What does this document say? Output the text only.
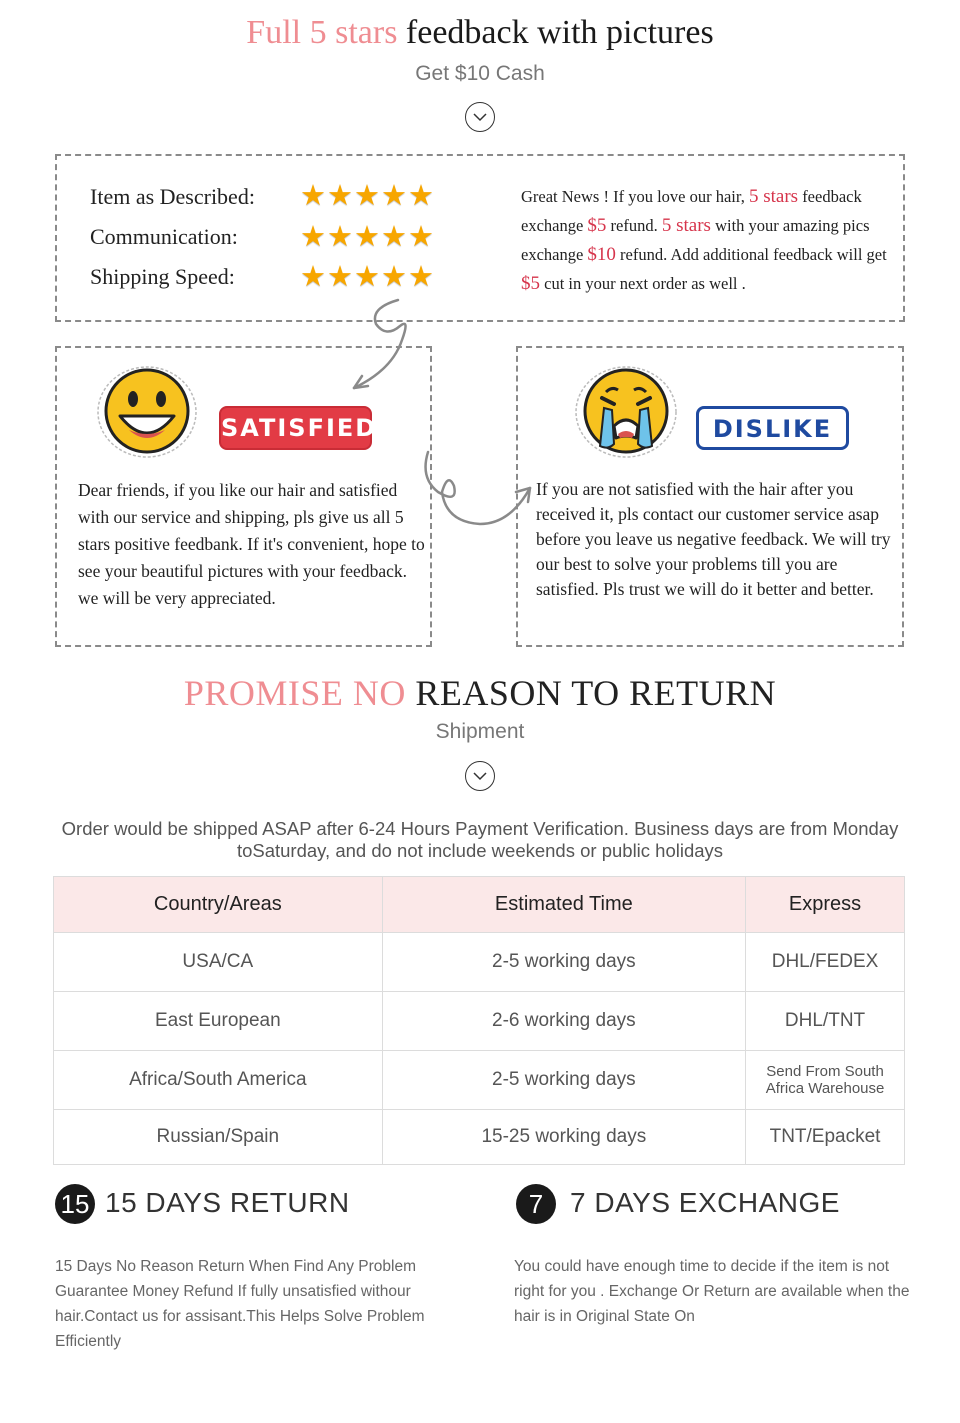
Full 5 stars feedback with pictures
Get $10 Cash
Item as Described: ★★★★★
Communication: ★★★★★
Shipping Speed: ★★★★★
Great News ! If you love our hair, 5 stars feedback exchange $5 refund. 5 stars with your amazing pics exchange $10 refund. Add additional feedback will get $5 cut in your next order as well .
SATISFIED	DISLIKE
Dear friends, if you like our hair and satisfied with our service and shipping, pls give us all 5 stars positive feedbank. If it's convenient, hope to see your beautiful pictures with your feedback. we will be very appreciated.
If you are not satisfied with the hair after you received it, pls contact our customer service asap before you leave us negative feedback. We will try our best to solve your problems till you are satisfied. Pls trust we will do it better and better.
PROMISE NO REASON TO RETURN
Shipment
Order would be shipped ASAP after 6-24 Hours Payment Verification. Business days are from Monday toSaturday, and do not include weekends or public holidays
Country/Areas	Estimated Time	Express
USA/CA	2-5 working days	DHL/FEDEX
East European	2-6 working days	DHL/TNT
Africa/South America	2-5 working days	Send From South Africa Warehouse
Russian/Spain	15-25 working days	TNT/Epacket
15 15 DAYS RETURN
15 Days No Reason Return When Find Any Problem Guarantee Money Refund If fully unsatisfied withour hair.Contact us for assisant.This Helps Solve Problem Efficiently
7 7 DAYS EXCHANGE
You could have enough time to decide if the item is not right for you . Exchange Or Return are available when the hair is in Original State On
